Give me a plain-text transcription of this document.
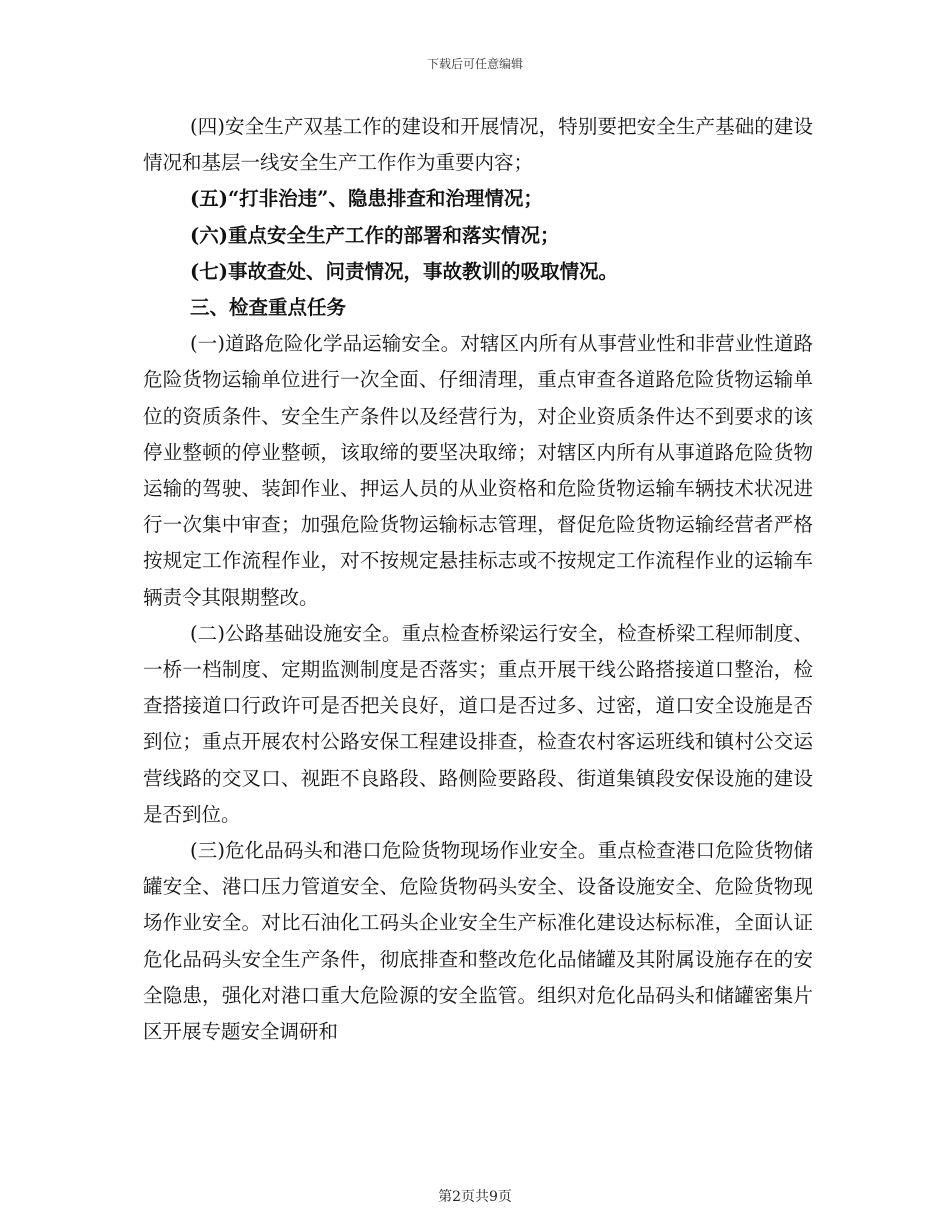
下载后可任意编辑

(四)安全生产双基工作的建设和开展情况，特别要把安全生产基础的建设情况和基层一线安全生产工作作为重要内容；

(五)“打非治违”、隐患排查和治理情况；

(六)重点安全生产工作的部署和落实情况；

(七)事故查处、问责情况，事故教训的吸取情况。

三、检查重点任务

(一)道路危险化学品运输安全。对辖区内所有从事营业性和非营业性道路危险货物运输单位进行一次全面、仔细清理，重点审查各道路危险货物运输单位的资质条件、安全生产条件以及经营行为，对企业资质条件达不到要求的该停业整顿的停业整顿，该取缔的要坚决取缔；对辖区内所有从事道路危险货物运输的驾驶、装卸作业、押运人员的从业资格和危险货物运输车辆技术状况进行一次集中审查；加强危险货物运输标志管理，督促危险货物运输经营者严格按规定工作流程作业，对不按规定悬挂标志或不按规定工作流程作业的运输车辆责令其限期整改。

(二)公路基础设施安全。重点检查桥梁运行安全，检查桥梁工程师制度、一桥一档制度、定期监测制度是否落实；重点开展干线公路搭接道口整治，检查搭接道口行政许可是否把关良好，道口是否过多、过密，道口安全设施是否到位；重点开展农村公路安保工程建设排查，检查农村客运班线和镇村公交运营线路的交叉口、视距不良路段、路侧险要路段、街道集镇段安保设施的建设是否到位。

(三)危化品码头和港口危险货物现场作业安全。重点检查港口危险货物储罐安全、港口压力管道安全、危险货物码头安全、设备设施安全、危险货物现场作业安全。对比石油化工码头企业安全生产标准化建设达标标准，全面认证危化品码头安全生产条件，彻底排查和整改危化品储罐及其附属设施存在的安全隐患，强化对港口重大危险源的安全监管。组织对危化品码头和储罐密集片区开展专题安全调研和

第2页共9页
